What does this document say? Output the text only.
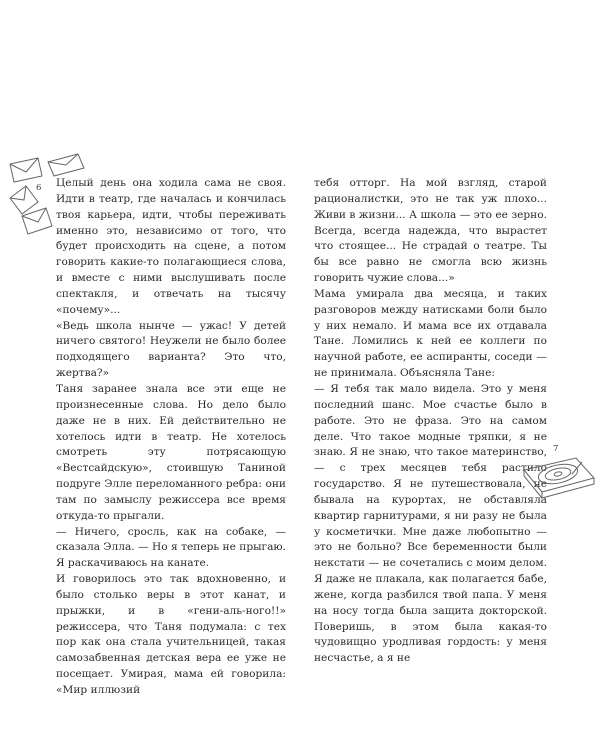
6 Целый день она ходила сама не своя. Идти в театр, где началась и кончилась твоя карьера, идти, чтобы переживать именно это, независимо от того, что будет происходить на сцене, а потом говорить какие-то полагающиеся слова, и вместе с ними выслушивать после спектакля, и отвечать на тысячу «почему»...

«Ведь школа нынче — ужас! У детей ничего святого! Неужели не было более подходящего варианта? Это что, жертва?»

Таня заранее знала все эти еще не произнесенные слова. Но дело было даже не в них. Ей действительно не хотелось идти в театр. Не хотелось смотреть эту потрясающую «Вестсайдскую», стоившую Таниной подруге Элле переломанного ребра: они там по замыслу режиссера все время откуда-то прыгали.

— Ничего, сросль, как на собаке, — сказала Элла. — Но я теперь не прыгаю. Я раскачиваюсь на канате.

И говорилось это так вдохновенно, и было столько веры в этот канат, и прыжки, и в «гени-аль-ного!!» режиссера, что Таня подумала: с тех пор как она стала учительницей, такая самозабвенная детская вера ее уже не посещает. Умирая, мама ей говорила: «Мир иллюзий

тебя отторг. На мой взгляд, старой рационалистки, это не так уж плохо... Живи в жизни... А школа — это ее зерно. Всегда, всегда надежда, что вырастет что стоящее... Не страдай о театре. Ты бы все равно не смогла всю жизнь говорить чужие слова...»

Мама умирала два месяца, и таких разговоров между натисками боли было у них немало. И мама все их отдавала Тане. Ломились к ней ее коллеги по научной работе, ее аспиранты, соседи — не принимала. Объясняла Тане:

— Я тебя так мало видела. Это у меня последний шанс. Мое счастье было в работе. Это не фраза. Это на самом деле. Что такое модные тряпки, я не знаю. Я не знаю, что такое материнство, — с трех месяцев тебя растило государство. Я не путешествовала, не бывала на курортах, не обставляла квартир гарнитурами, я ни разу не была у косметички. Мне даже любопытно — это не больно? Все беременности были некстати — не сочетались с моим делом. Я даже не плакала, как полагается бабе, жене, когда разбился твой папа. У меня на носу тогда была защита докторской. Поверишь, в этом была какая-то чудовищно уродливая гордость: у меня несчастье, а я не

7
